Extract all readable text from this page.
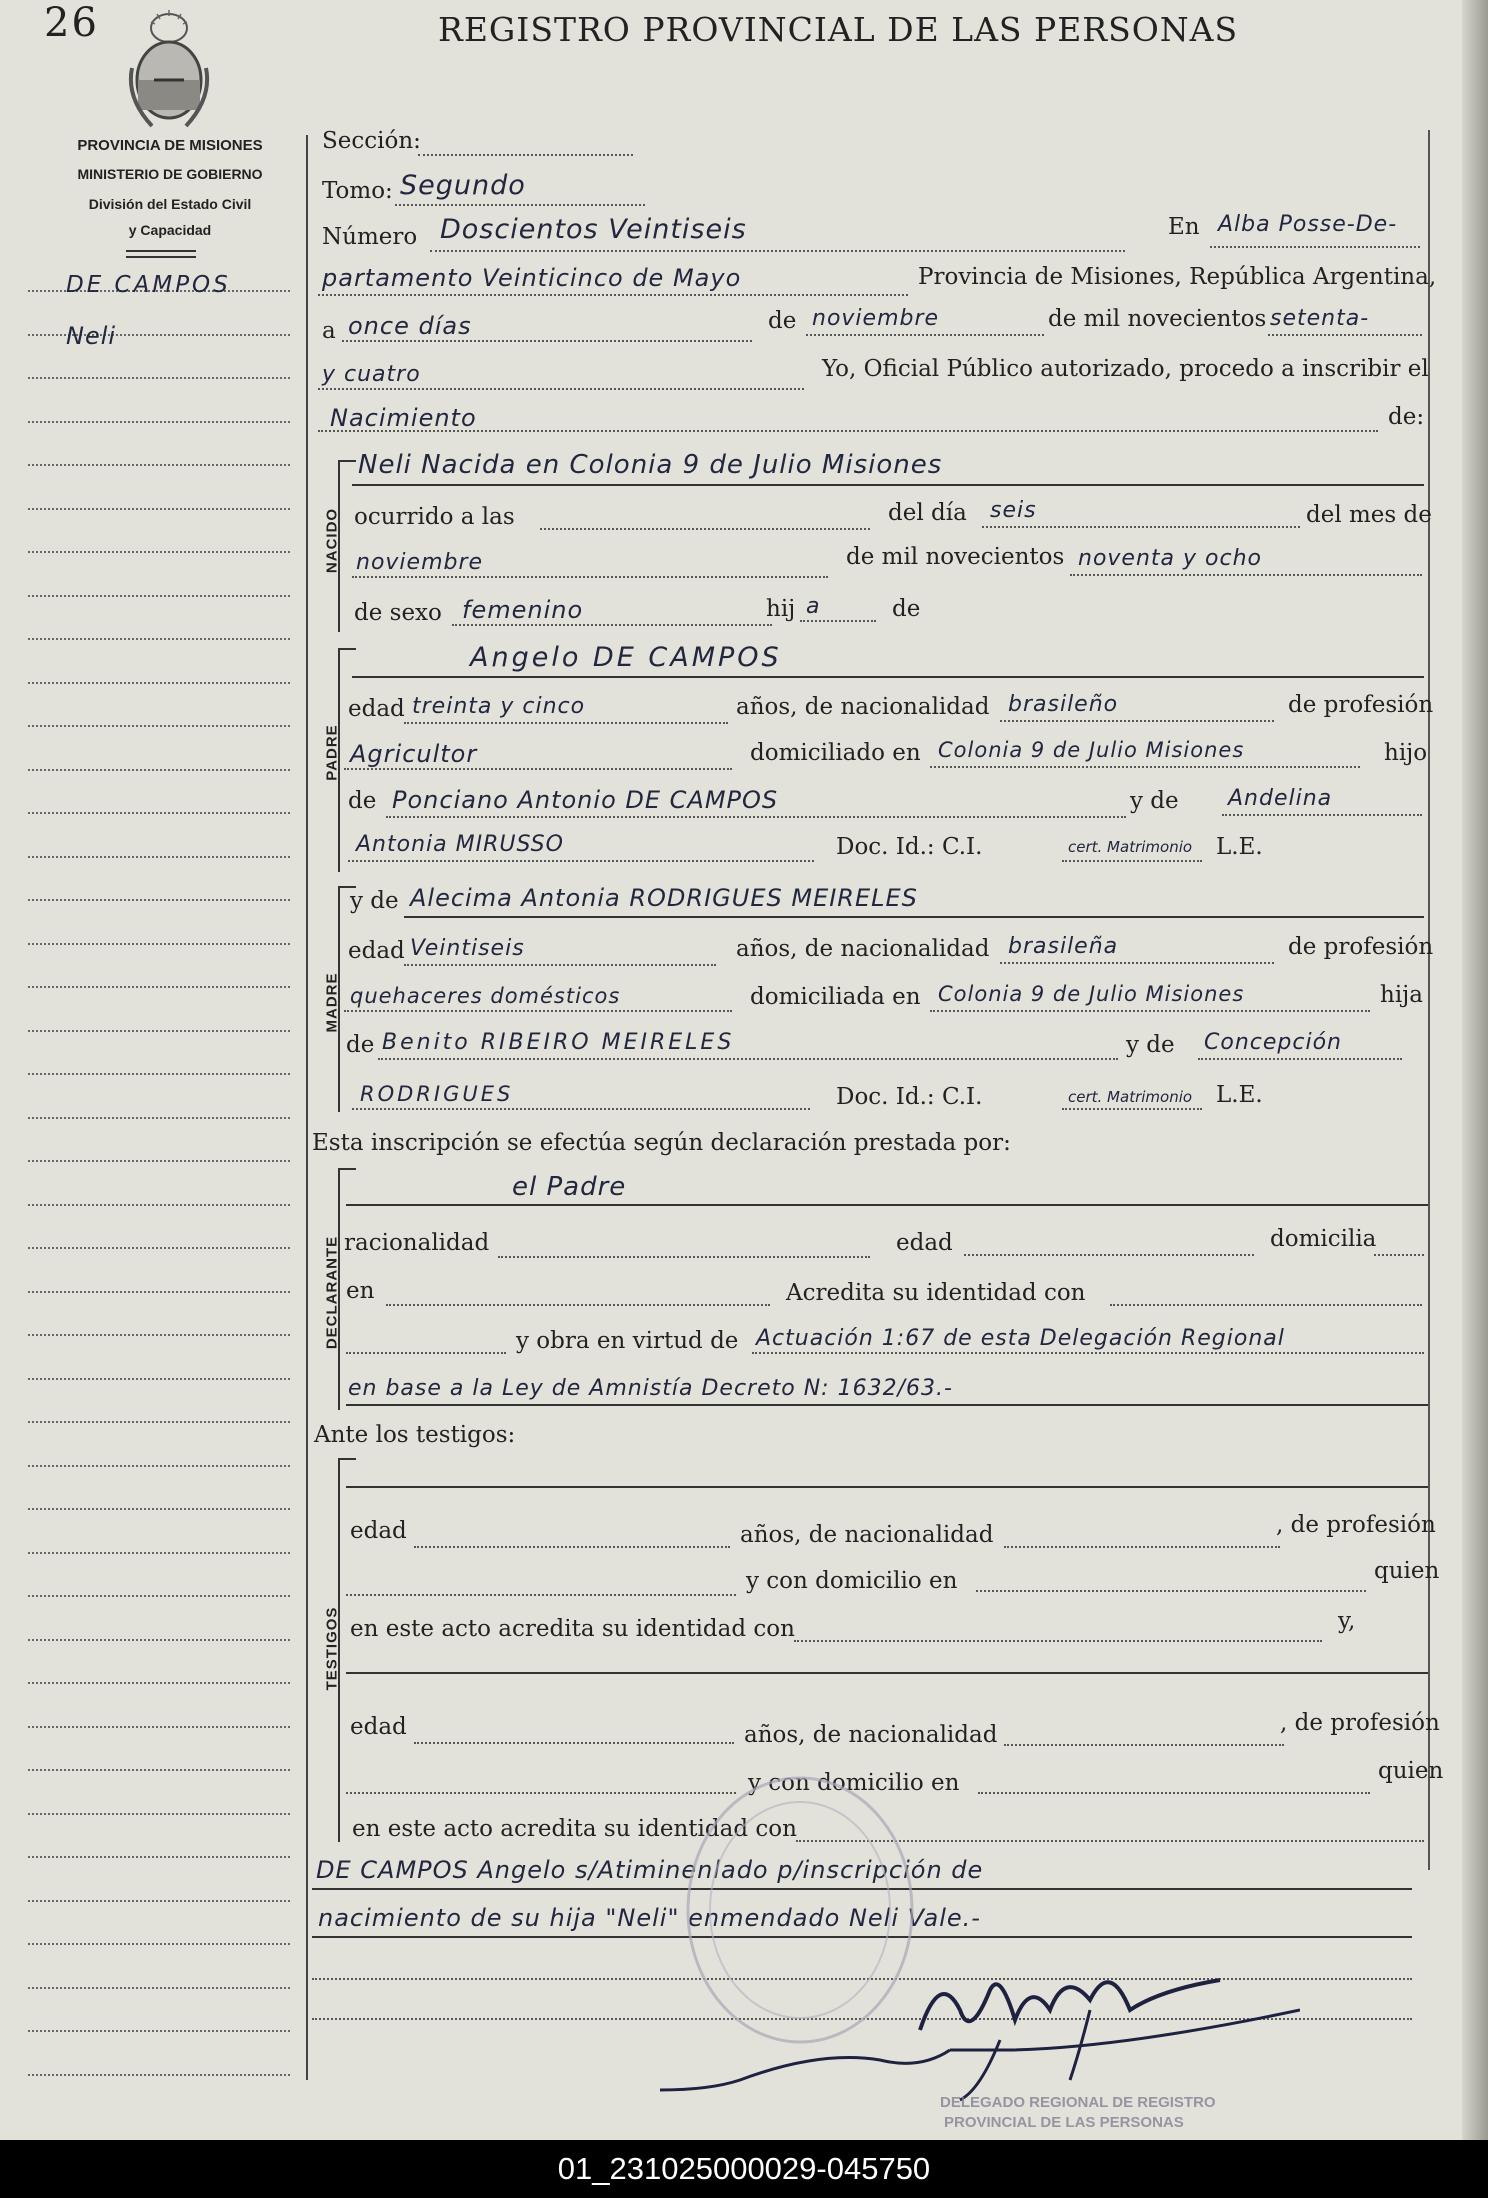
26	REGISTRO PROVINCIAL DE LAS PERSONAS
PROVINCIA DE MISIONES
MINISTERIO DE GOBIERNO
División del Estado Civil
y Capacidad
DE CAMPOS
Neli
Sección:
Tomo: Segundo
Número Doscientos Veintiseis	En Alba Posse-De-
partamento Veinticinco de Mayo	Provincia de Misiones, República Argentina,
a once días	de noviembre	de mil novecientos setenta-
y cuatro	Yo, Oficial Público autorizado, procedo a inscribir el
Nacimiento	de:
NACIDO
Neli Nacida en Colonia 9 de Julio Misiones
ocurrido a las	del día seis	del mes de
noviembre	de mil novecientos noventa y ocho
de sexo femenino	hij a	de
PADRE
Angelo DE CAMPOS
edad treinta y cinco	años, de nacionalidad brasileño	de profesión
Agricultor	domiciliado en Colonia 9 de Julio Misiones	hijo
de Ponciano Antonio DE CAMPOS	y de Andelina
Antonia MIRUSSO	Doc. Id.: C.I.	cert. Matrimonio L.E.
MADRE
y de Alecima Antonia RODRIGUES MEIRELES
edad Veintiseis	años, de nacionalidad brasileña	de profesión
quehaceres domésticos	domiciliada en Colonia 9 de Julio Misiones	hija
de Benito RIBEIRO MEIRELES	y de Concepción
RODRIGUES	Doc. Id.: C.I.	cert. Matrimonio L.E.
Esta inscripción se efectúa según declaración prestada por:
DECLARANTE
el Padre
racionalidad	edad	domicilia
en	Acredita su identidad con
y obra en virtud de Actuación 1:67 de esta Delegación Regional
en base a la Ley de Amnistía Decreto N: 1632/63.-
Ante los testigos:
TESTIGOS
edad	años, de nacionalidad	, de profesión
y con domicilio en	quien
en este acto acredita su identidad con	y,
edad	años, de nacionalidad	, de profesión
y con domicilio en	quien
en este acto acredita su identidad con
DE CAMPOS Angelo s/Atiminenlado p/inscripción de
nacimiento de su hija "Neli" enmendado Neli Vale.-
DELEGADO REGIONAL DE REGISTRO
PROVINCIAL DE LAS PERSONAS
01_231025000029-045750
